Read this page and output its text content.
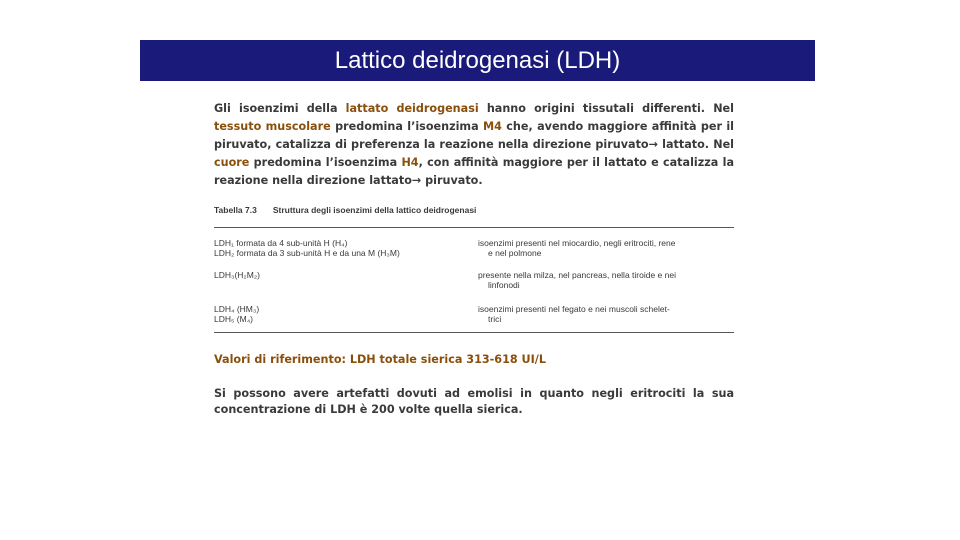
Lattico deidrogenasi (LDH)

Gli isoenzimi della lattato deidrogenasi hanno origini tissutali differenti. Nel tessuto muscolare predomina l’isoenzima M4 che, avendo maggiore affinità per il piruvato, catalizza di preferenza la reazione nella direzione piruvato→ lattato. Nel cuore predomina l’isoenzima H4, con affinità maggiore per il lattato e catalizza la reazione nella direzione lattato→ piruvato.

Tabella 7.3 Struttura degli isoenzimi della lattico deidrogenasi
LDH₁ formata da 4 sub-unità H (H₄)
LDH₂ formata da 3 sub-unità H e da una M (H₃M)
isoenzimi presenti nel miocardio, negli eritrociti, rene
e nel polmone
LDH₃(H₂M₂)	presente nella milza, nel pancreas, nella tiroide e nei
linfonodi
LDH₄ (HM₃)
LDH₅ (M₄)
isoenzimi presenti nel fegato e nei muscoli schelet-
trici
Valori di riferimento: LDH totale sierica 313-618 UI/L

Si possono avere artefatti dovuti ad emolisi in quanto negli eritrociti la sua concentrazione di LDH è 200 volte quella sierica.
